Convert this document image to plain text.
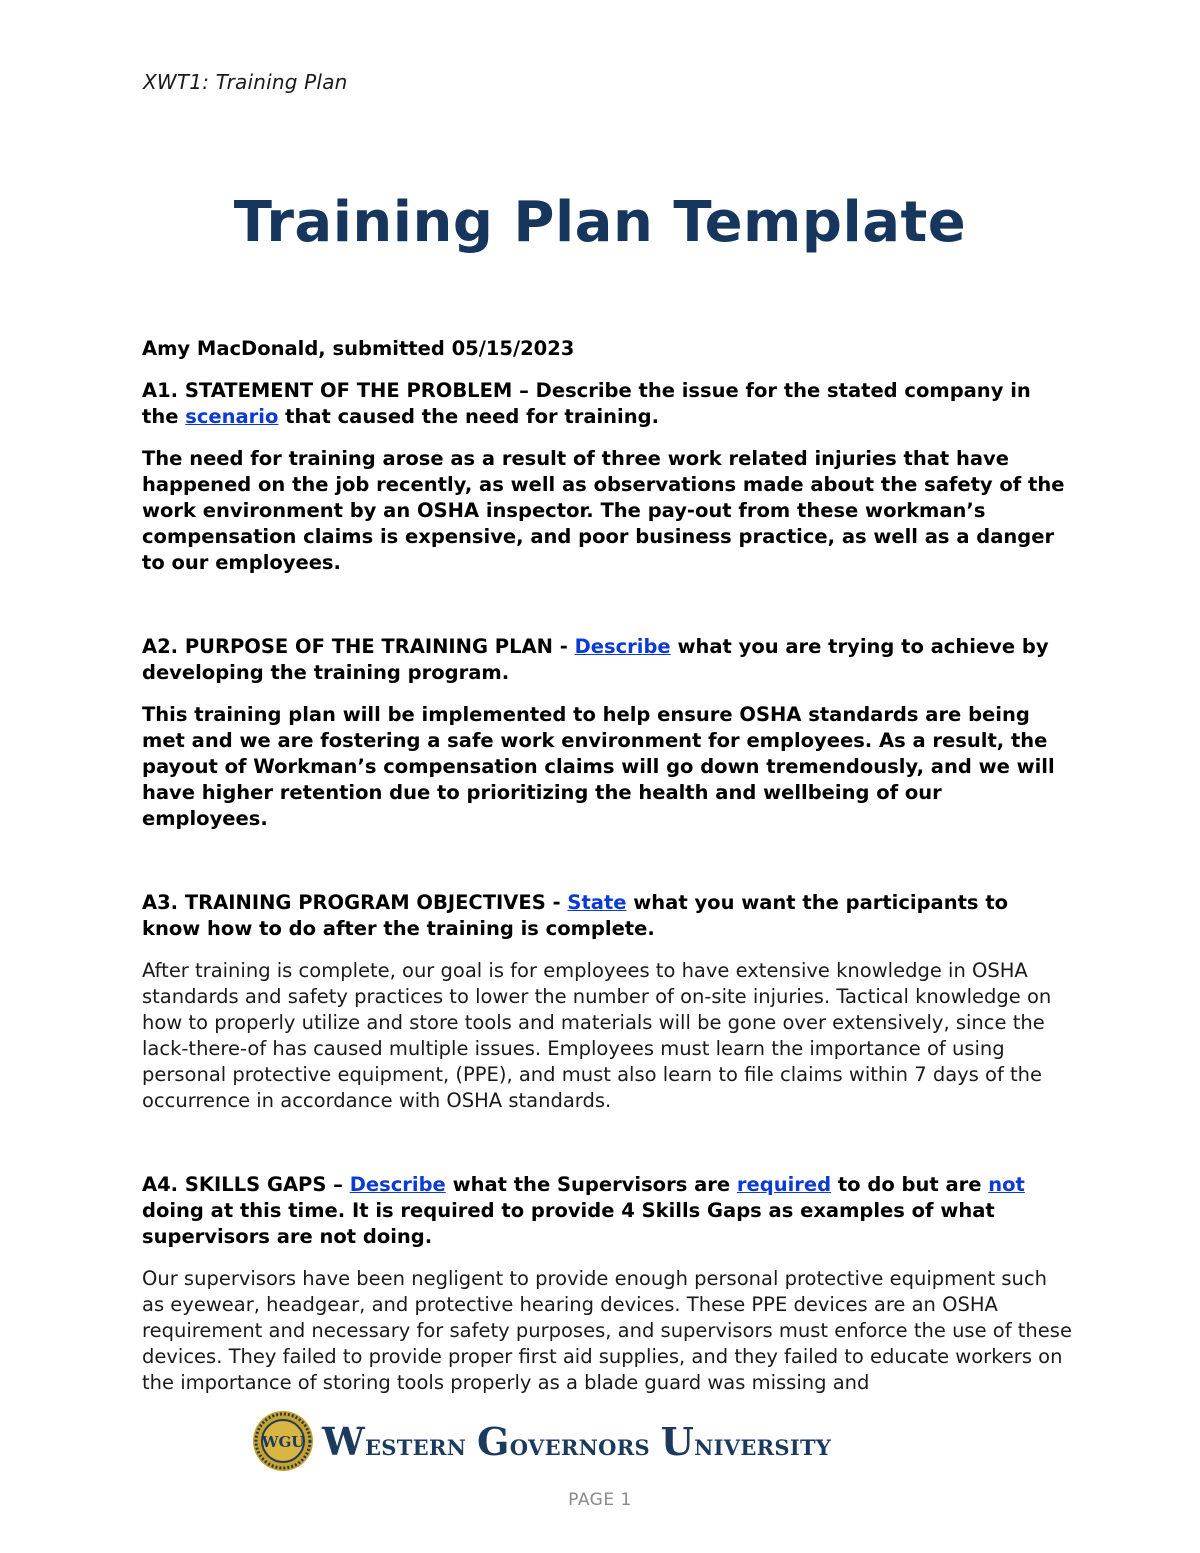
XWT1: Training Plan
Training Plan Template

Amy MacDonald, submitted 05/15/2023

A1. STATEMENT OF THE PROBLEM – Describe the issue for the stated company in the scenario that caused the need for training.

The need for training arose as a result of three work related injuries that have happened on the job recently, as well as observations made about the safety of the work environment by an OSHA inspector. The pay-out from these workman’s compensation claims is expensive, and poor business practice, as well as a danger to our employees.

A2. PURPOSE OF THE TRAINING PLAN - Describe what you are trying to achieve by developing the training program.

This training plan will be implemented to help ensure OSHA standards are being met and we are fostering a safe work environment for employees. As a result, the payout of Workman’s compensation claims will go down tremendously, and we will have higher retention due to prioritizing the health and wellbeing of our employees.

A3. TRAINING PROGRAM OBJECTIVES - State what you want the participants to know how to do after the training is complete.

After training is complete, our goal is for employees to have extensive knowledge in OSHA standards and safety practices to lower the number of on-site injuries. Tactical knowledge on how to properly utilize and store tools and materials will be gone over extensively, since the lack-there-of has caused multiple issues. Employees must learn the importance of using personal protective equipment, (PPE), and must also learn to file claims within 7 days of the occurrence in accordance with OSHA standards.

A4. SKILLS GAPS – Describe what the Supervisors are required to do but are not doing at this time. It is required to provide 4 Skills Gaps as examples of what supervisors are not doing.

Our supervisors have been negligent to provide enough personal protective equipment such as eyewear, headgear, and protective hearing devices. These PPE devices are an OSHA requirement and necessary for safety purposes, and supervisors must enforce the use of these devices. They failed to provide proper first aid supplies, and they failed to educate workers on the importance of storing tools properly as a blade guard was missing and

WGU Western Governors University
PAGE 1
